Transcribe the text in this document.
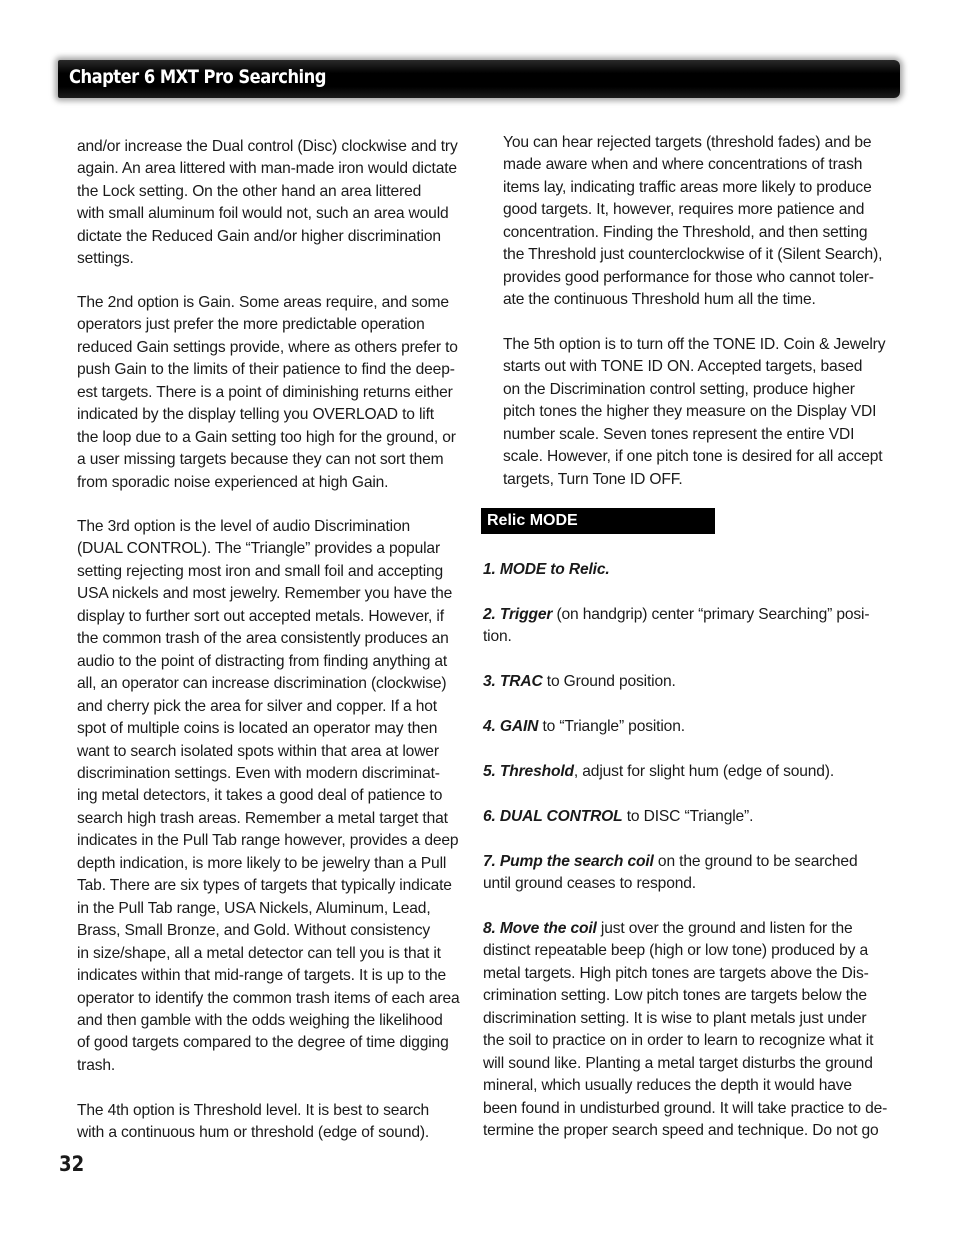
Chapter 6 MXT Pro Searching

and/or increase the Dual control (Disc) clockwise and try
again. An area littered with man-made iron would dictate
the Lock setting. On the other hand an area littered
with small aluminum foil would not, such an area would
dictate the Reduced Gain and/or higher discrimination
settings.

The 2nd option is Gain. Some areas require, and some
operators just prefer the more predictable operation
reduced Gain settings provide, where as others prefer to
push Gain to the limits of their patience to find the deep-
est targets. There is a point of diminishing returns either
indicated by the display telling you OVERLOAD to lift
the loop due to a Gain setting too high for the ground, or
a user missing targets because they can not sort them
from sporadic noise experienced at high Gain.

The 3rd option is the level of audio Discrimination
(DUAL CONTROL). The “Triangle” provides a popular
setting rejecting most iron and small foil and accepting
USA nickels and most jewelry. Remember you have the
display to further sort out accepted metals. However, if
the common trash of the area consistently produces an
audio to the point of distracting from finding anything at
all, an operator can increase discrimination (clockwise)
and cherry pick the area for silver and copper. If a hot
spot of multiple coins is located an operator may then
want to search isolated spots within that area at lower
discrimination settings. Even with modern discriminat-
ing metal detectors, it takes a good deal of patience to
search high trash areas. Remember a metal target that
indicates in the Pull Tab range however, provides a deep
depth indication, is more likely to be jewelry than a Pull
Tab. There are six types of targets that typically indicate
in the Pull Tab range, USA Nickels, Aluminum, Lead,
Brass, Small Bronze, and Gold. Without consistency
in size/shape, all a metal detector can tell you is that it
indicates within that mid-range of targets. It is up to the
operator to identify the common trash items of each area
and then gamble with the odds weighing the likelihood
of good targets compared to the degree of time digging
trash.

The 4th option is Threshold level. It is best to search
with a continuous hum or threshold (edge of sound).

You can hear rejected targets (threshold fades) and be
made aware when and where concentrations of trash
items lay, indicating traffic areas more likely to produce
good targets. It, however, requires more patience and
concentration. Finding the Threshold, and then setting
the Threshold just counterclockwise of it (Silent Search),
provides good performance for those who cannot toler-
ate the continuous Threshold hum all the time.

The 5th option is to turn off the TONE ID. Coin & Jewelry
starts out with TONE ID ON. Accepted targets, based
on the Discrimination control setting, produce higher
pitch tones the higher they measure on the Display VDI
number scale. Seven tones represent the entire VDI
scale. However, if one pitch tone is desired for all accept
targets, Turn Tone ID OFF.

Relic MODE

1. MODE to Relic.

2. Trigger (on handgrip) center “primary Searching” posi-
tion.

3. TRAC to Ground position.

4. GAIN to “Triangle” position.

5. Threshold, adjust for slight hum (edge of sound).

6. DUAL CONTROL to DISC “Triangle”.

7. Pump the search coil on the ground to be searched
until ground ceases to respond.

8. Move the coil just over the ground and listen for the
distinct repeatable beep (high or low tone) produced by a
metal targets. High pitch tones are targets above the Dis-
crimination setting. Low pitch tones are targets below the
discrimination setting. It is wise to plant metals just under
the soil to practice on in order to learn to recognize what it
will sound like. Planting a metal target disturbs the ground
mineral, which usually reduces the depth it would have
been found in undisturbed ground. It will take practice to de-
termine the proper search speed and technique. Do not go

32
